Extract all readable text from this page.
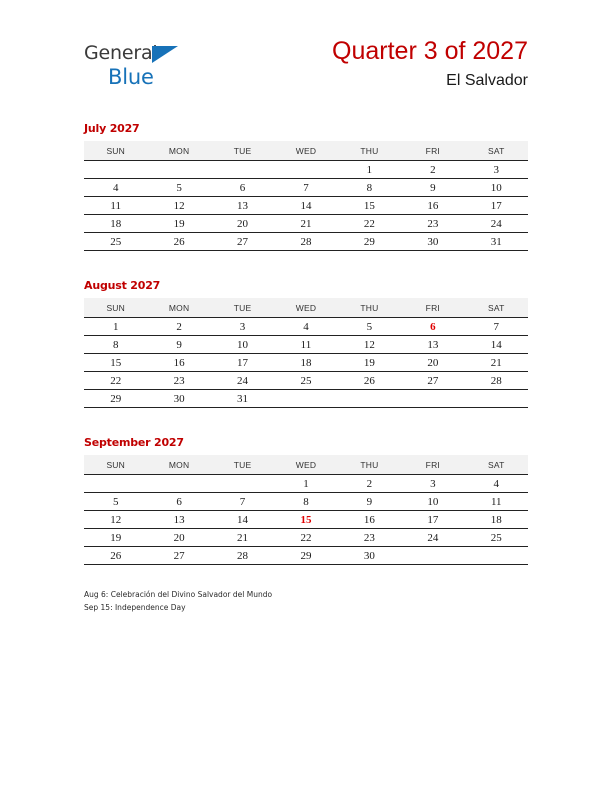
General
Blue
Quarter 3 of 2027
El Salvador
July 2027
SUN	MON	TUE	WED	THU	FRI	SAT
				1	2	3
4	5	6	7	8	9	10
11	12	13	14	15	16	17
18	19	20	21	22	23	24
25	26	27	28	29	30	31
August 2027
SUN	MON	TUE	WED	THU	FRI	SAT
1	2	3	4	5	6	7
8	9	10	11	12	13	14
15	16	17	18	19	20	21
22	23	24	25	26	27	28
29	30	31				
September 2027
SUN	MON	TUE	WED	THU	FRI	SAT
			1	2	3	4
5	6	7	8	9	10	11
12	13	14	15	16	17	18
19	20	21	22	23	24	25
26	27	28	29	30		
Aug 6: Celebración del Divino Salvador del Mundo
Sep 15: Independence Day
